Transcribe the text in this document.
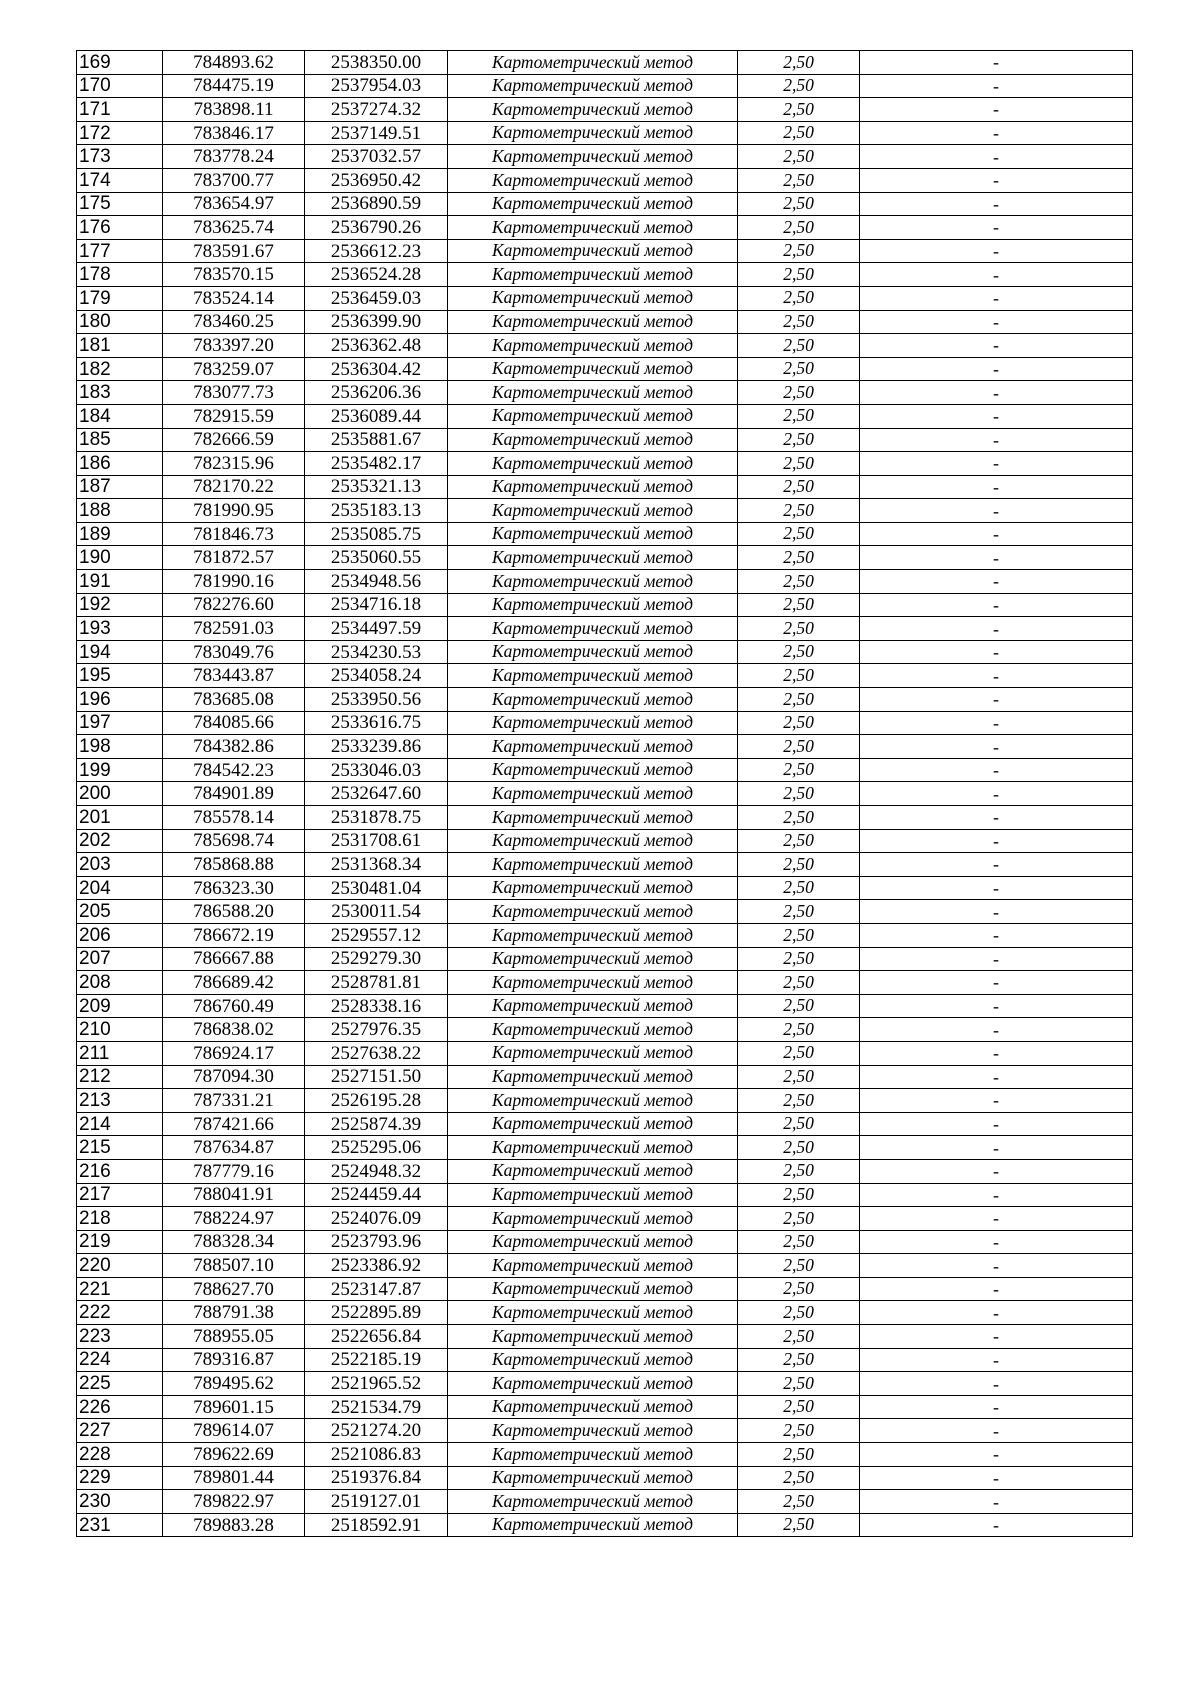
169	784893.62	2538350.00	Картометрический метод	2,50	-
170	784475.19	2537954.03	Картометрический метод	2,50	-
171	783898.11	2537274.32	Картометрический метод	2,50	-
172	783846.17	2537149.51	Картометрический метод	2,50	-
173	783778.24	2537032.57	Картометрический метод	2,50	-
174	783700.77	2536950.42	Картометрический метод	2,50	-
175	783654.97	2536890.59	Картометрический метод	2,50	-
176	783625.74	2536790.26	Картометрический метод	2,50	-
177	783591.67	2536612.23	Картометрический метод	2,50	-
178	783570.15	2536524.28	Картометрический метод	2,50	-
179	783524.14	2536459.03	Картометрический метод	2,50	-
180	783460.25	2536399.90	Картометрический метод	2,50	-
181	783397.20	2536362.48	Картометрический метод	2,50	-
182	783259.07	2536304.42	Картометрический метод	2,50	-
183	783077.73	2536206.36	Картометрический метод	2,50	-
184	782915.59	2536089.44	Картометрический метод	2,50	-
185	782666.59	2535881.67	Картометрический метод	2,50	-
186	782315.96	2535482.17	Картометрический метод	2,50	-
187	782170.22	2535321.13	Картометрический метод	2,50	-
188	781990.95	2535183.13	Картометрический метод	2,50	-
189	781846.73	2535085.75	Картометрический метод	2,50	-
190	781872.57	2535060.55	Картометрический метод	2,50	-
191	781990.16	2534948.56	Картометрический метод	2,50	-
192	782276.60	2534716.18	Картометрический метод	2,50	-
193	782591.03	2534497.59	Картометрический метод	2,50	-
194	783049.76	2534230.53	Картометрический метод	2,50	-
195	783443.87	2534058.24	Картометрический метод	2,50	-
196	783685.08	2533950.56	Картометрический метод	2,50	-
197	784085.66	2533616.75	Картометрический метод	2,50	-
198	784382.86	2533239.86	Картометрический метод	2,50	-
199	784542.23	2533046.03	Картометрический метод	2,50	-
200	784901.89	2532647.60	Картометрический метод	2,50	-
201	785578.14	2531878.75	Картометрический метод	2,50	-
202	785698.74	2531708.61	Картометрический метод	2,50	-
203	785868.88	2531368.34	Картометрический метод	2,50	-
204	786323.30	2530481.04	Картометрический метод	2,50	-
205	786588.20	2530011.54	Картометрический метод	2,50	-
206	786672.19	2529557.12	Картометрический метод	2,50	-
207	786667.88	2529279.30	Картометрический метод	2,50	-
208	786689.42	2528781.81	Картометрический метод	2,50	-
209	786760.49	2528338.16	Картометрический метод	2,50	-
210	786838.02	2527976.35	Картометрический метод	2,50	-
211	786924.17	2527638.22	Картометрический метод	2,50	-
212	787094.30	2527151.50	Картометрический метод	2,50	-
213	787331.21	2526195.28	Картометрический метод	2,50	-
214	787421.66	2525874.39	Картометрический метод	2,50	-
215	787634.87	2525295.06	Картометрический метод	2,50	-
216	787779.16	2524948.32	Картометрический метод	2,50	-
217	788041.91	2524459.44	Картометрический метод	2,50	-
218	788224.97	2524076.09	Картометрический метод	2,50	-
219	788328.34	2523793.96	Картометрический метод	2,50	-
220	788507.10	2523386.92	Картометрический метод	2,50	-
221	788627.70	2523147.87	Картометрический метод	2,50	-
222	788791.38	2522895.89	Картометрический метод	2,50	-
223	788955.05	2522656.84	Картометрический метод	2,50	-
224	789316.87	2522185.19	Картометрический метод	2,50	-
225	789495.62	2521965.52	Картометрический метод	2,50	-
226	789601.15	2521534.79	Картометрический метод	2,50	-
227	789614.07	2521274.20	Картометрический метод	2,50	-
228	789622.69	2521086.83	Картометрический метод	2,50	-
229	789801.44	2519376.84	Картометрический метод	2,50	-
230	789822.97	2519127.01	Картометрический метод	2,50	-
231	789883.28	2518592.91	Картометрический метод	2,50	-
